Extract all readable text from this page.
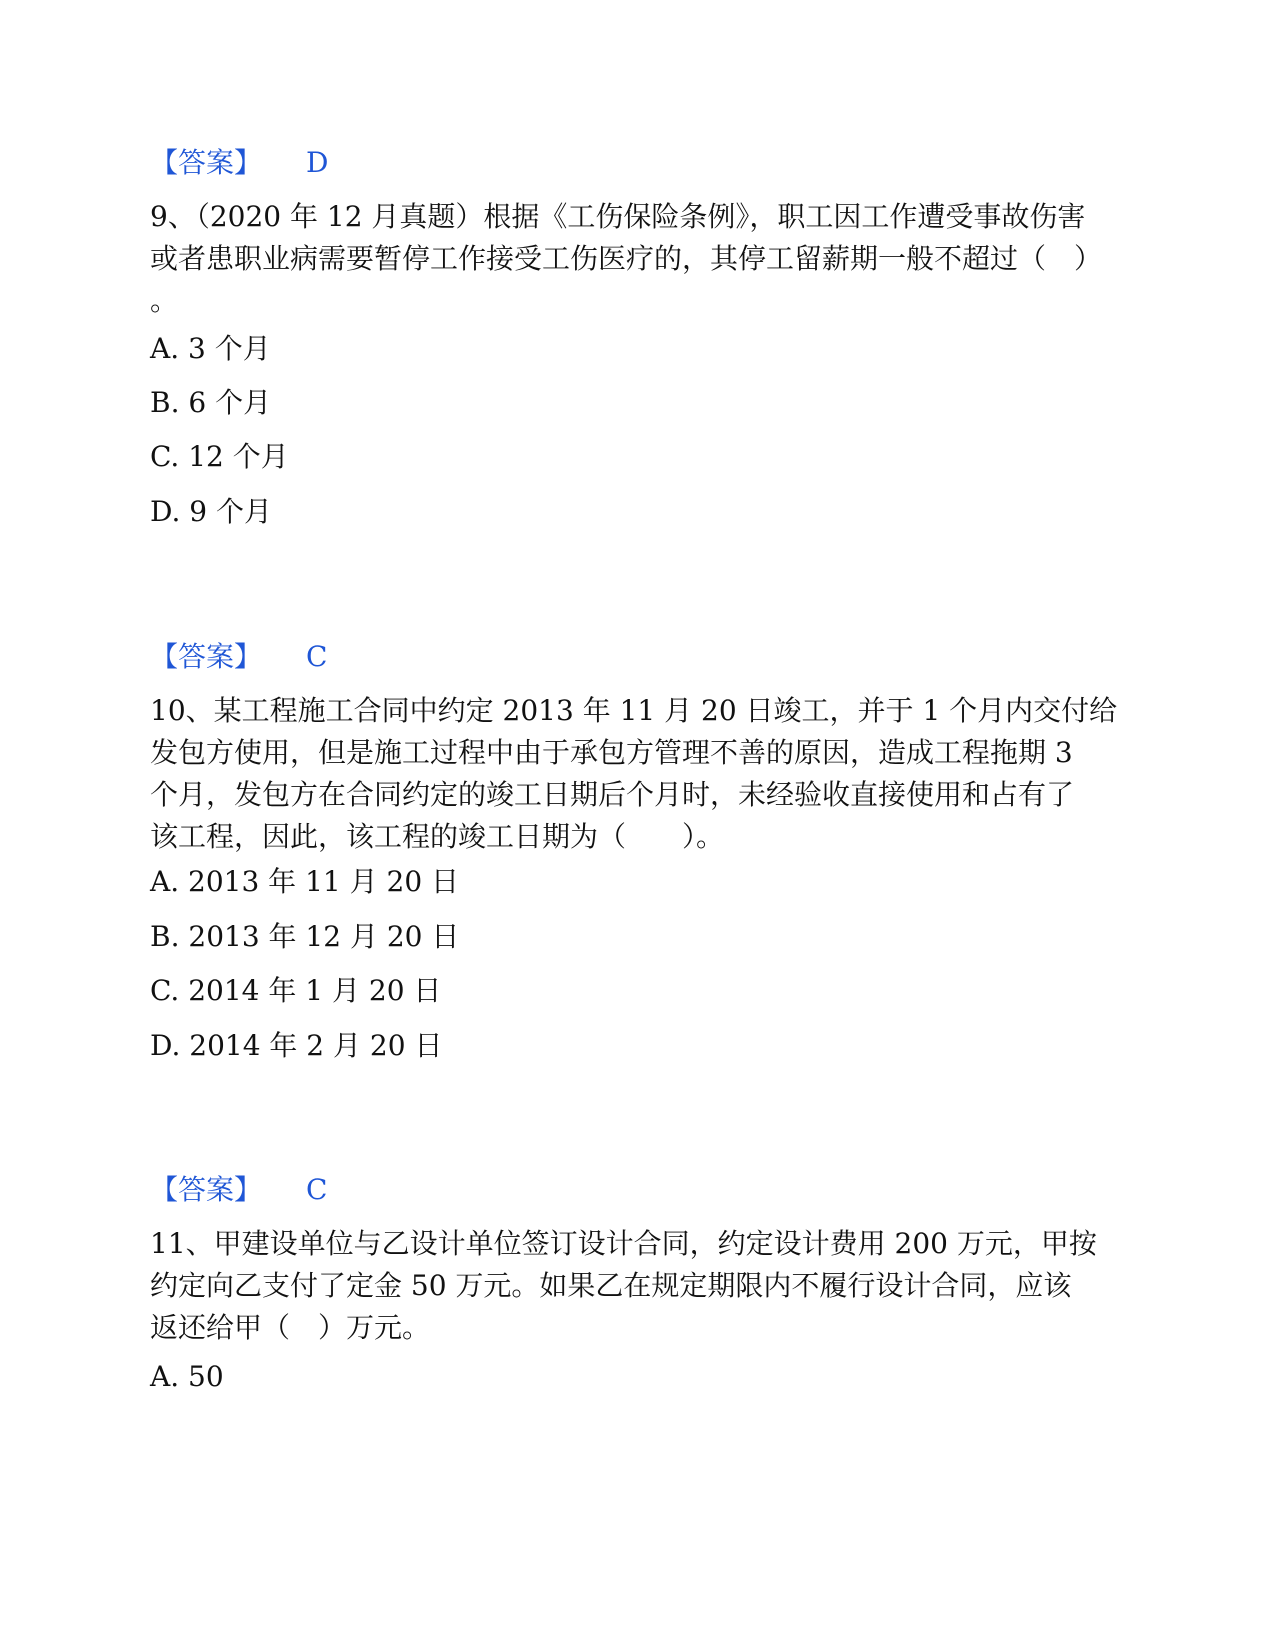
【答案】 D
9、（2020 年 12 月真题）根据《工伤保险条例》，职工因工作遭受事故伤害
或者患职业病需要暂停工作接受工伤医疗的，其停工留薪期一般不超过（　）
。
A. 3 个月
B. 6 个月
C. 12 个月
D. 9 个月
【答案】 C
10、某工程施工合同中约定 2013 年 11 月 20 日竣工，并于 1 个月内交付给
发包方使用，但是施工过程中由于承包方管理不善的原因，造成工程拖期 3
个月，发包方在合同约定的竣工日期后个月时，未经验收直接使用和占有了
该工程，因此，该工程的竣工日期为（　　）。
A. 2013 年 11 月 20 日
B. 2013 年 12 月 20 日
C. 2014 年 1 月 20 日
D. 2014 年 2 月 20 日
【答案】 C
11、甲建设单位与乙设计单位签订设计合同，约定设计费用 200 万元，甲按
约定向乙支付了定金 50 万元。如果乙在规定期限内不履行设计合同，应该
返还给甲（　）万元。
A. 50
